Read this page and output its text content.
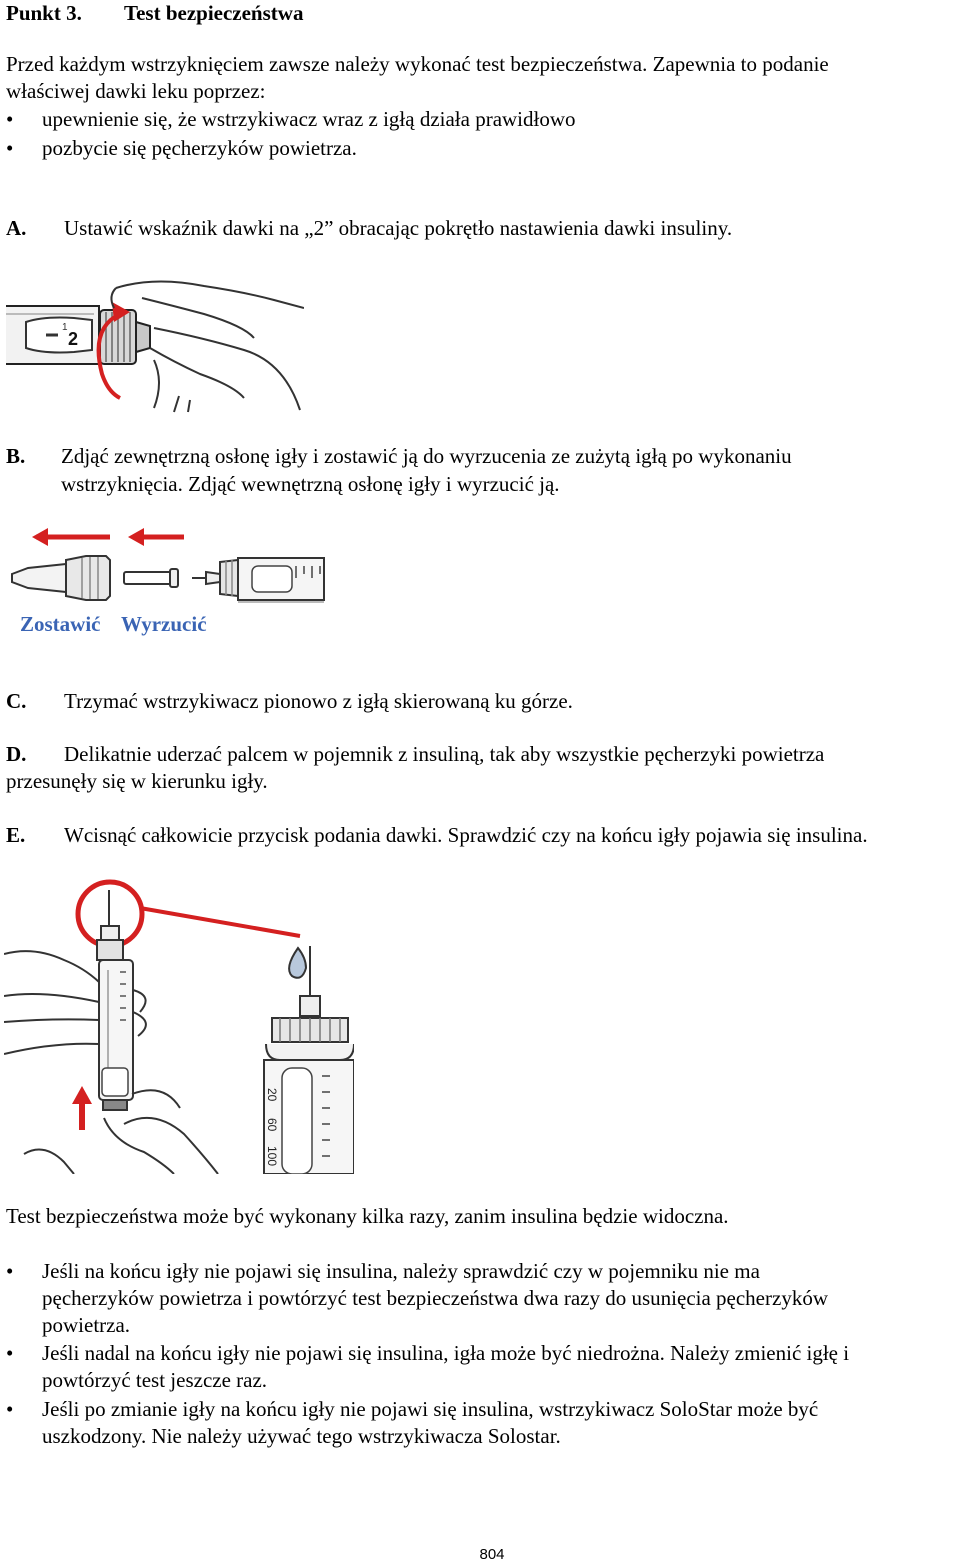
Punkt 3. Test bezpieczeństwa

Przed każdym wstrzyknięciem zawsze należy wykonać test bezpieczeństwa. Zapewnia to podanie

właściwej dawki leku poprzez:

• upewnienie się, że wstrzykiwacz wraz z igłą działa prawidłowo

• pozbycie się pęcherzyków powietrza.

A. Ustawić wskaźnik dawki na „2” obracając pokrętło nastawienia dawki insuliny.

1
2
B. Zdjąć zewnętrzną osłonę igły i zostawić ją do wyrzucenia ze zużytą igłą po wykonaniu

wstrzyknięcia. Zdjąć wewnętrzną osłonę igły i wyrzucić ją.

Zostawić Wyrzucić
C. Trzymać wstrzykiwacz pionowo z igłą skierowaną ku górze.

D. Delikatnie uderzać palcem w pojemnik z insuliną, tak aby wszystkie pęcherzyki powietrza

przesunęły się w kierunku igły.

E. Wcisnąć całkowicie przycisk podania dawki. Sprawdzić czy na końcu igły pojawia się insulina.

20
60
100

Test bezpieczeństwa może być wykonany kilka razy, zanim insulina będzie widoczna.

• Jeśli na końcu igły nie pojawi się insulina, należy sprawdzić czy w pojemniku nie ma

pęcherzyków powietrza i powtórzyć test bezpieczeństwa dwa razy do usunięcia pęcherzyków

powietrza.

• Jeśli nadal na końcu igły nie pojawi się insulina, igła może być niedrożna. Należy zmienić igłę i

powtórzyć test jeszcze raz.

• Jeśli po zmianie igły na końcu igły nie pojawi się insulina, wstrzykiwacz SoloStar może być

uszkodzony. Nie należy używać tego wstrzykiwacza Solostar.

804
